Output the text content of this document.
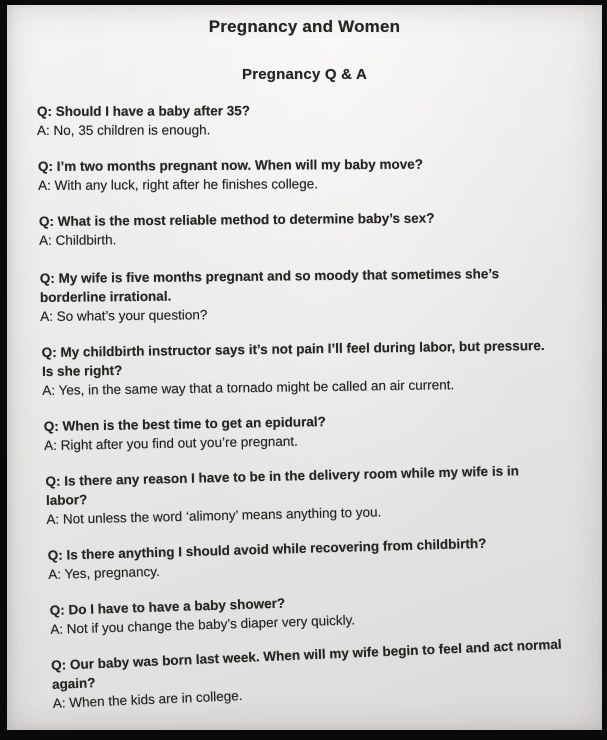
Pregnancy and Women
Pregnancy Q & A

Q: Should I have a baby after 35?

A: No, 35 children is enough.

Q: I’m two months pregnant now. When will my baby move?

A: With any luck, right after he finishes college.

Q: What is the most reliable method to determine baby’s sex?

A: Childbirth.

Q: My wife is five months pregnant and so moody that sometimes she’s
borderline irrational.

A: So what’s your question?

Q: My childbirth instructor says it’s not pain I’ll feel during labor, but pressure.
Is she right?

A: Yes, in the same way that a tornado might be called an air current.

Q: When is the best time to get an epidural?

A: Right after you find out you’re pregnant.

Q: Is there any reason I have to be in the delivery room while my wife is in
labor?

A: Not unless the word ‘alimony’ means anything to you.

Q: Is there anything I should avoid while recovering from childbirth?

A: Yes, pregnancy.

Q: Do I have to have a baby shower?

A: Not if you change the baby’s diaper very quickly.

Q: Our baby was born last week. When will my wife begin to feel and act normal
again?

A: When the kids are in college.
